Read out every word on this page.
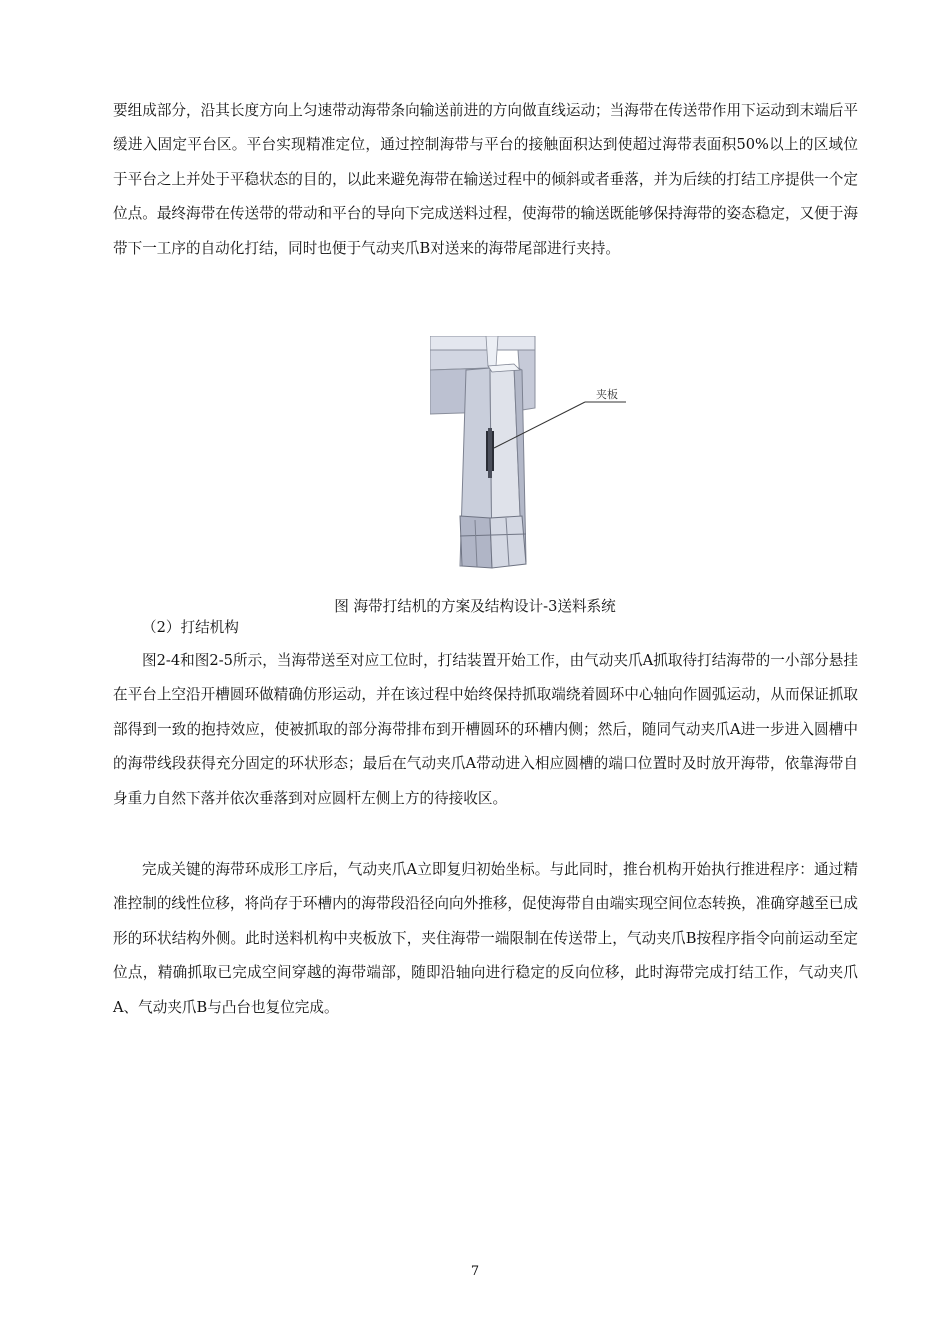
要组成部分，沿其长度方向上匀速带动海带条向输送前进的方向做直线运动；当海带在传送带作用下运动到末端后平缓进入固定平台区。平台实现精准定位，通过控制海带与平台的接触面积达到使超过海带表面积50%以上的区域位于平台之上并处于平稳状态的目的，以此来避免海带在输送过程中的倾斜或者垂落，并为后续的打结工序提供一个定位点。最终海带在传送带的带动和平台的导向下完成送料过程，使海带的输送既能够保持海带的姿态稳定，又便于海带下一工序的自动化打结，同时也便于气动夹爪B对送来的海带尾部进行夹持。

夹板
图 海带打结机的方案及结构设计-3送料系统
（2）打结机构

图2-4和图2-5所示，当海带送至对应工位时，打结装置开始工作，由气动夹爪A抓取待打结海带的一小部分悬挂在平台上空沿开槽圆环做精确仿形运动，并在该过程中始终保持抓取端绕着圆环中心轴向作圆弧运动，从而保证抓取部得到一致的抱持效应，使被抓取的部分海带排布到开槽圆环的环槽内侧；然后，随同气动夹爪A进一步进入圆槽中的海带线段获得充分固定的环状形态；最后在气动夹爪A带动进入相应圆槽的端口位置时及时放开海带，依靠海带自身重力自然下落并依次垂落到对应圆杆左侧上方的待接收区。

完成关键的海带环成形工序后，气动夹爪A立即复归初始坐标。与此同时，推台机构开始执行推进程序：通过精准控制的线性位移，将尚存于环槽内的海带段沿径向向外推移，促使海带自由端实现空间位态转换，准确穿越至已成形的环状结构外侧。此时送料机构中夹板放下，夹住海带一端限制在传送带上，气动夹爪B按程序指令向前运动至定位点，精确抓取已完成空间穿越的海带端部，随即沿轴向进行稳定的反向位移，此时海带完成打结工作，气动夹爪A、气动夹爪B与凸台也复位完成。

7
